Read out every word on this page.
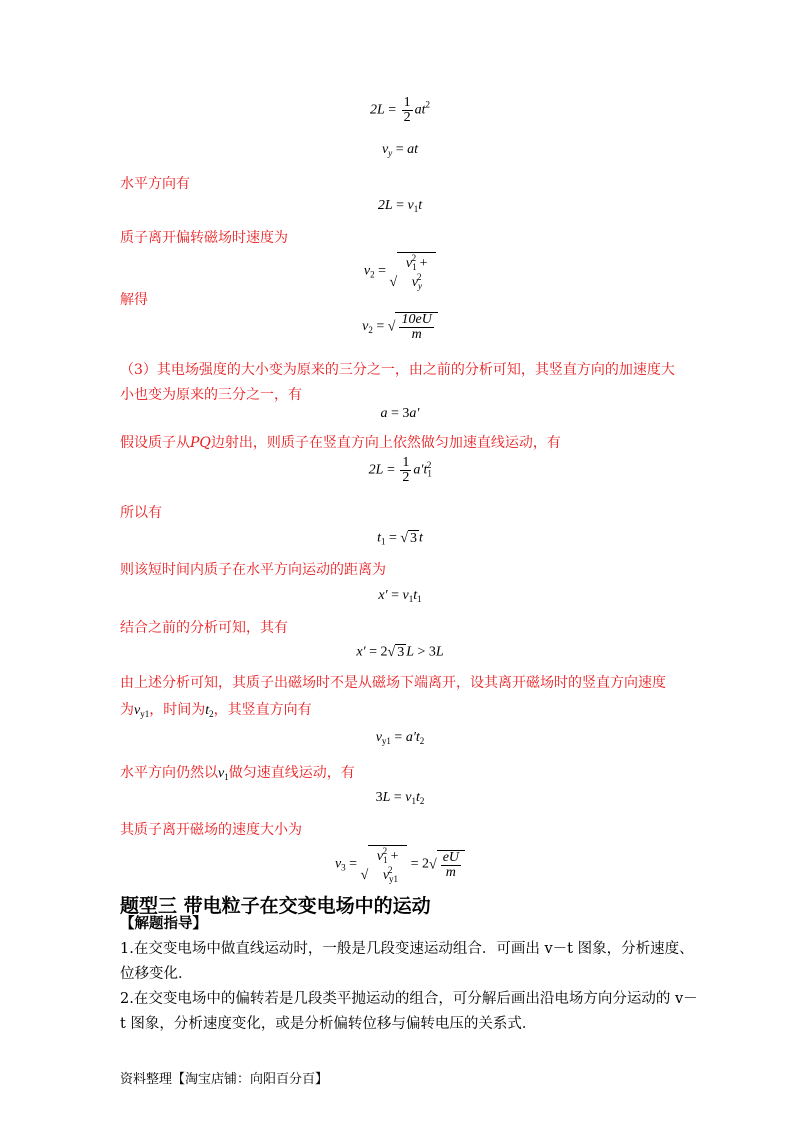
$2L = \frac{1}{2} at^2$
$v_y$ = at
水平方向有
$2L = v_1t$
质子离开偏转磁场时速度为
$v_2 = √v_1^2 + v_y^2$
解得
$v_2$ = √ $\frac{10eU}{m}$
（3）其电场强度的大小变为原来的三分之一，由之前的分析可知，其竖直方向的加速度大
小也变为原来的三分之一，有
a = 3a′
假设质子从PQ边射出，则质子在竖直方向上依然做匀加速直线运动，有
$2L = \frac{1}{2} a't_1^2$
所以有
$t_1$ = √ 3 t
则该短时间内质子在水平方向运动的距离为
$x' = v_1t_1$
结合之前的分析可知，其有
x′ = 2√ 3 L > 3L
由上述分析可知，其质子出磁场时不是从磁场下端离开，设其离开磁场时的竖直方向速度
为$v_{y1}$，时间为$t_2$，其竖直方向有
$v_{y1} = a't_2$
水平方向仍然以$v_1$做匀速直线运动，有
$3L = v_1t_2$
其质子离开磁场的速度大小为
$v_3 = √v_1^2 + v_{y1}^2 = 2√ \frac{eU}{m}$
题型三 带电粒子在交变电场中的运动
【解题指导】
1.在交变电场中做直线运动时，一般是几段变速运动组合．可画出 v－t 图象，分析速度、
位移变化．
2.在交变电场中的偏转若是几段类平抛运动的组合，可分解后画出沿电场方向分运动的 v－
t 图象，分析速度变化，或是分析偏转位移与偏转电压的关系式．
资料整理【淘宝店铺：向阳百分百】
